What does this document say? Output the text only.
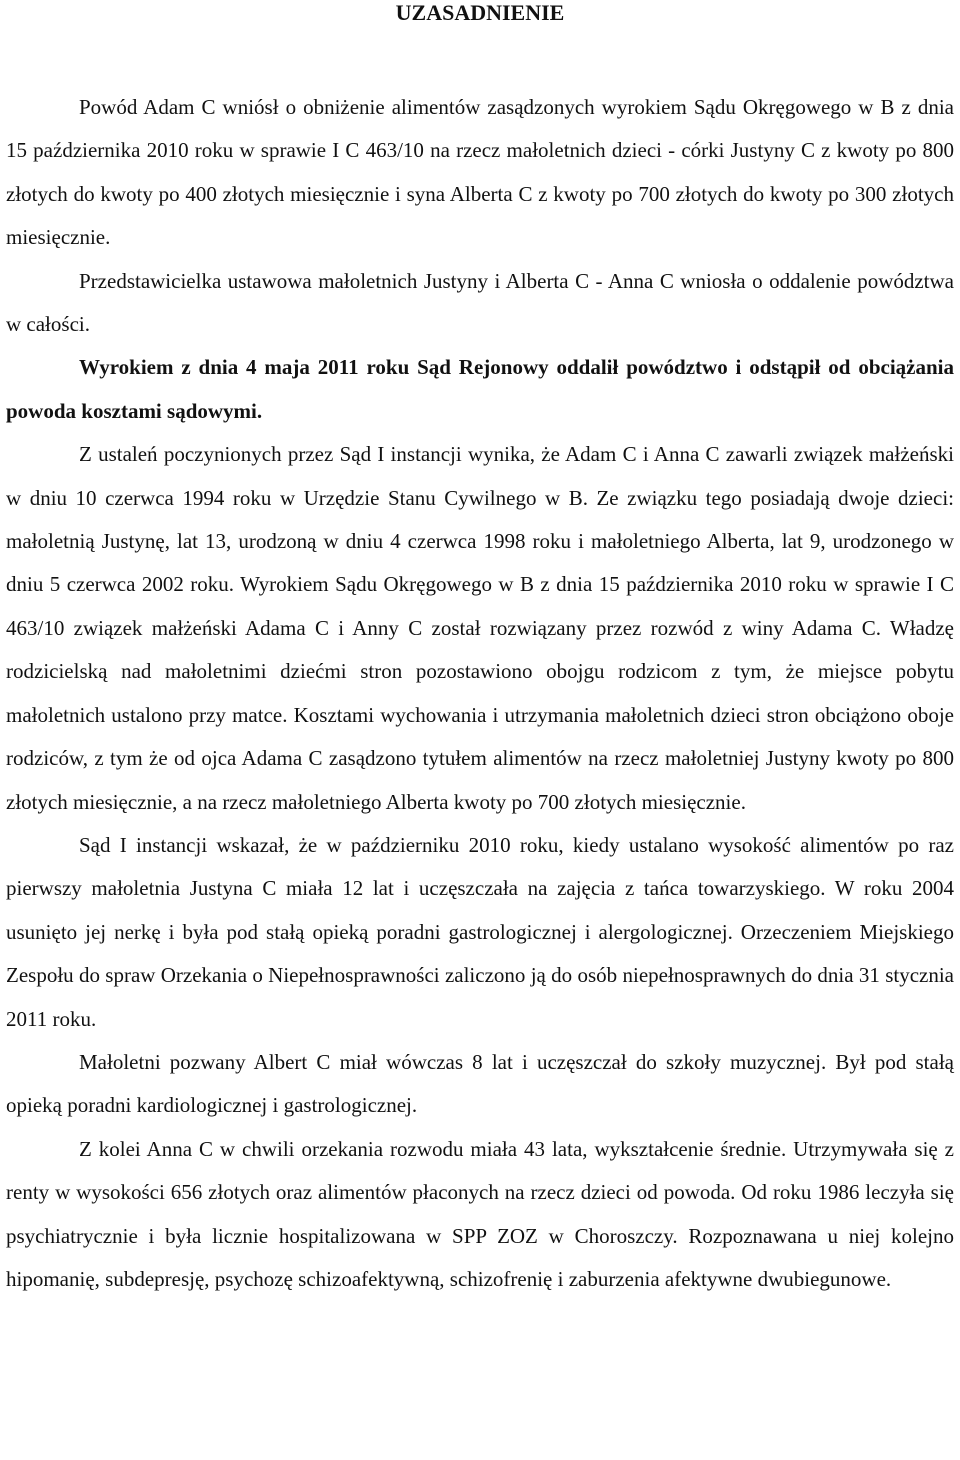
UZASADNIENIE

Powód Adam C wniósł o obniżenie alimentów zasądzonych wyrokiem Sądu Okręgowego w B z dnia 15 października 2010 roku w sprawie I C 463/10 na rzecz małoletnich dzieci - córki Justyny C z kwoty po 800 złotych do kwoty po 400 złotych miesięcznie i syna Alberta C z kwoty po 700 złotych do kwoty po 300 złotych miesięcznie.

Przedstawicielka ustawowa małoletnich Justyny i Alberta C - Anna C wniosła o oddalenie powództwa w całości.

Wyrokiem z dnia 4 maja 2011 roku Sąd Rejonowy oddalił powództwo i odstąpił od obciążania powoda kosztami sądowymi.

Z ustaleń poczynionych przez Sąd I instancji wynika, że Adam C i Anna C zawarli związek małżeński w dniu 10 czerwca 1994 roku w Urzędzie Stanu Cywilnego w B. Ze związku tego posiadają dwoje dzieci: małoletnią Justynę, lat 13, urodzoną w dniu 4 czerwca 1998 roku i małoletniego Alberta, lat 9, urodzonego w dniu 5 czerwca 2002 roku. Wyrokiem Sądu Okręgowego w B z dnia 15 października 2010 roku w sprawie I C 463/10 związek małżeński Adama C i Anny C został rozwiązany przez rozwód z winy Adama C. Władzę rodzicielską nad małoletnimi dziećmi stron pozostawiono obojgu rodzicom z tym, że miejsce pobytu małoletnich ustalono przy matce. Kosztami wychowania i utrzymania małoletnich dzieci stron obciążono oboje rodziców, z tym że od ojca Adama C zasądzono tytułem alimentów na rzecz małoletniej Justyny kwoty po 800 złotych miesięcznie, a na rzecz małoletniego Alberta kwoty po 700 złotych miesięcznie.

Sąd I instancji wskazał, że w październiku 2010 roku, kiedy ustalano wysokość alimentów po raz pierwszy małoletnia Justyna C miała 12 lat i uczęszczała na zajęcia z tańca towarzyskiego. W roku 2004 usunięto jej nerkę i była pod stałą opieką poradni gastrologicznej i alergologicznej. Orzeczeniem Miejskiego Zespołu do spraw Orzekania o Niepełnosprawności zaliczono ją do osób niepełnosprawnych do dnia 31 stycznia 2011 roku.

Małoletni pozwany Albert C miał wówczas 8 lat i uczęszczał do szkoły muzycznej. Był pod stałą opieką poradni kardiologicznej i gastrologicznej.

Z kolei Anna C w chwili orzekania rozwodu miała 43 lata, wykształcenie średnie. Utrzymywała się z renty w wysokości 656 złotych oraz alimentów płaconych na rzecz dzieci od powoda. Od roku 1986 leczyła się psychiatrycznie i była licznie hospitalizowana w SPP ZOZ w Choroszczy. Rozpoznawana u niej kolejno hipomanię, subdepresję, psychozę schizoafektywną, schizofrenię i zaburzenia afektywne dwubiegunowe.
